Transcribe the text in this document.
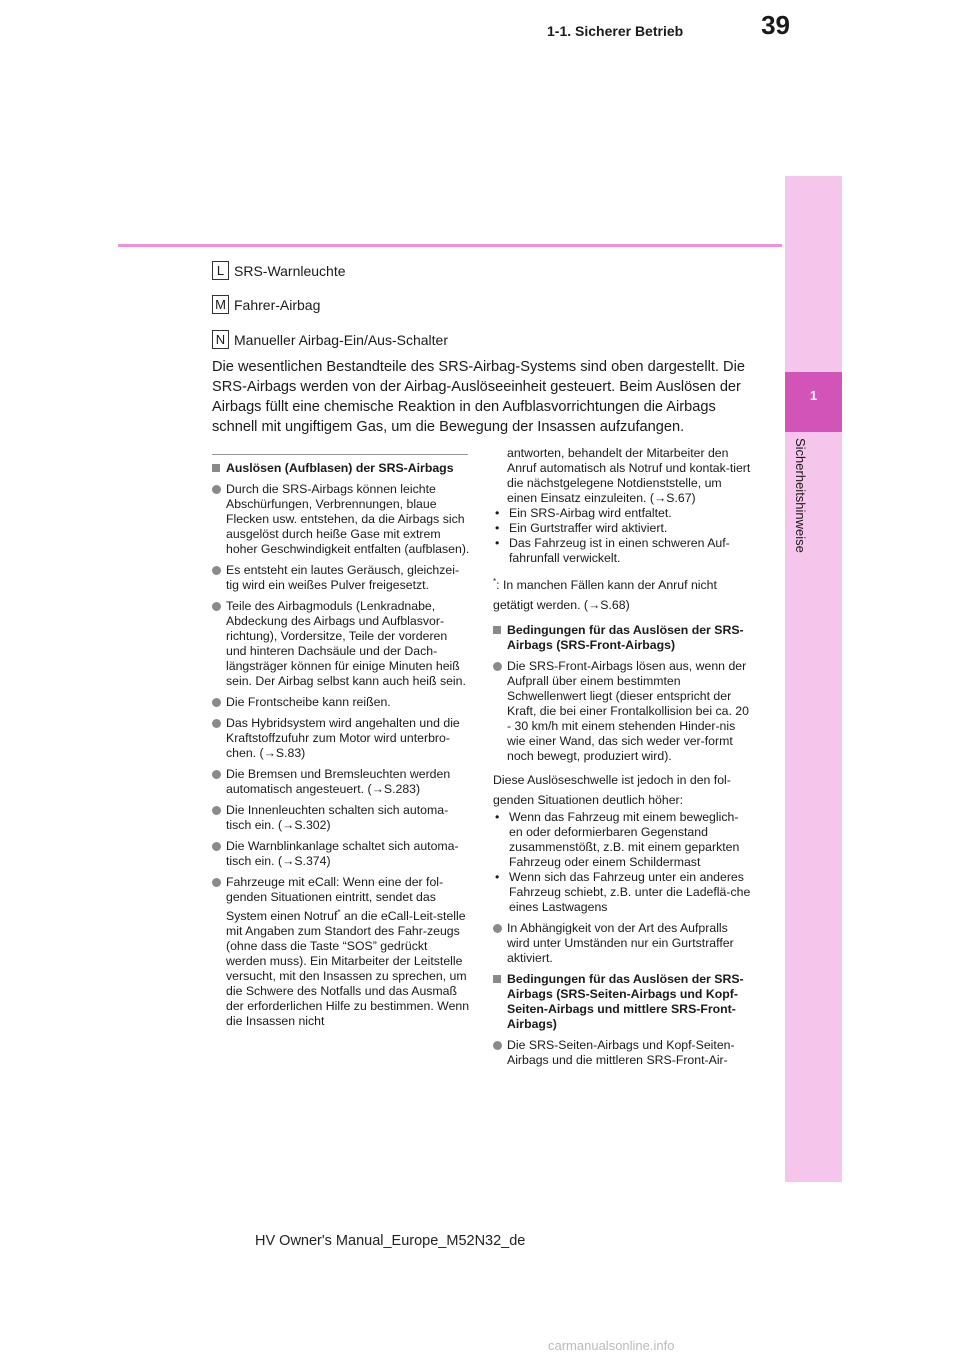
39
1-1. Sicherer Betrieb
1
Sicherheitshinweise
L SRS-Warnleuchte
M Fahrer-Airbag
N Manueller Airbag-Ein/Aus-Schalter

Die wesentlichen Bestandteile des SRS-Airbag-Systems sind oben dargestellt. Die SRS-Airbags werden von der Airbag-Auslöseeinheit gesteuert. Beim Auslösen der Airbags füllt eine chemische Reaktion in den Aufblasvorrichtungen die Airbags schnell mit ungiftigem Gas, um die Bewegung der Insassen aufzufangen.

Auslösen (Aufblasen) der SRS-Airbags

Durch die SRS-Airbags können leichte Abschürfungen, Verbrennungen, blaue Flecken usw. entstehen, da die Airbags sich ausgelöst durch heiße Gase mit extrem hoher Geschwindigkeit entfalten (aufblasen).

Es entsteht ein lautes Geräusch, gleichzei-tig wird ein weißes Pulver freigesetzt.

Teile des Airbagmoduls (Lenkradnabe, Abdeckung des Airbags und Aufblasvor-richtung), Vordersitze, Teile der vorderen und hinteren Dachsäule und der Dach-längsträger können für einige Minuten heiß sein. Der Airbag selbst kann auch heiß sein.

Die Frontscheibe kann reißen.

Das Hybridsystem wird angehalten und die Kraftstoffzufuhr zum Motor wird unterbro-chen. (→S.83)

Die Bremsen und Bremsleuchten werden automatisch angesteuert. (→S.283)

Die Innenleuchten schalten sich automa-tisch ein. (→S.302)

Die Warnblinkanlage schaltet sich automa-tisch ein. (→S.374)

Fahrzeuge mit eCall: Wenn eine der fol-genden Situationen eintritt, sendet das System einen Notruf* an die eCall-Leit-stelle mit Angaben zum Standort des Fahr-zeugs (ohne dass die Taste “SOS” gedrückt werden muss). Ein Mitarbeiter der Leitstelle versucht, mit den Insassen zu sprechen, um die Schwere des Notfalls und das Ausmaß der erforderlichen Hilfe zu bestimmen. Wenn die Insassen nicht

antworten, behandelt der Mitarbeiter den Anruf automatisch als Notruf und kontak-tiert die nächstgelegene Notdienststelle, um einen Einsatz einzuleiten. (→S.67)

• Ein SRS-Airbag wird entfaltet.

• Ein Gurtstraffer wird aktiviert.

• Das Fahrzeug ist in einen schweren Auf-fahrunfall verwickelt.

*: In manchen Fällen kann der Anruf nicht getätigt werden. (→S.68)

Bedingungen für das Auslösen der SRS-Airbags (SRS-Front-Airbags)

Die SRS-Front-Airbags lösen aus, wenn der Aufprall über einem bestimmten Schwellenwert liegt (dieser entspricht der Kraft, die bei einer Frontalkollision bei ca. 20 - 30 km/h mit einem stehenden Hinder-nis wie einer Wand, das sich weder ver-formt noch bewegt, produziert wird).

Diese Auslöseschwelle ist jedoch in den fol-genden Situationen deutlich höher:

• Wenn das Fahrzeug mit einem beweglich-en oder deformierbaren Gegenstand zusammenstößt, z.B. mit einem geparkten Fahrzeug oder einem Schildermast

• Wenn sich das Fahrzeug unter ein anderes Fahrzeug schiebt, z.B. unter die Ladeflä-che eines Lastwagens

In Abhängigkeit von der Art des Aufpralls wird unter Umständen nur ein Gurtstraffer aktiviert.

Bedingungen für das Auslösen der SRS-Airbags (SRS-Seiten-Airbags und Kopf-Seiten-Airbags und mittlere SRS-Front-Airbags)

Die SRS-Seiten-Airbags und Kopf-Seiten-Airbags und die mittleren SRS-Front-Air-

HV Owner's Manual_Europe_M52N32_de
carmanualsonline.info
